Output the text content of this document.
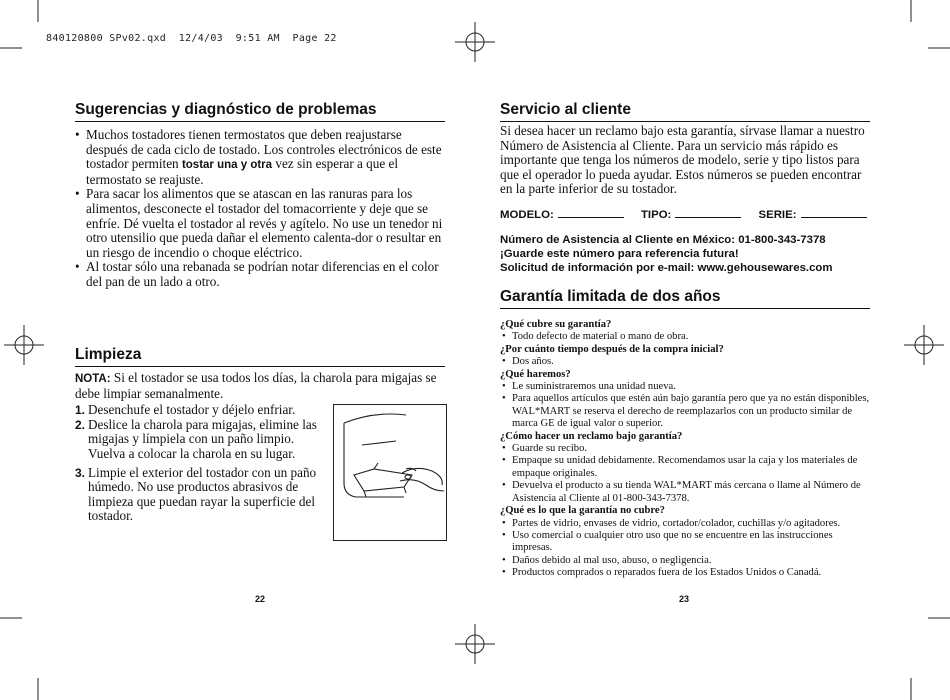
840120800 SPv02.qxd  12/4/03  9:51 AM  Page 22
Sugerencias y diagnóstico de problemas
• Muchos tostadores tienen termostatos que deben reajustarse después de cada ciclo de tostado. Los controles electrónicos de este tostador permiten tostar una y otra vez sin esperar a que el termostato se reajuste.
• Para sacar los alimentos que se atascan en las ranuras para los alimentos, desconecte el tostador del tomacorriente y deje que se enfríe. Dé vuelta el tostador al revés y agítelo. No use un tenedor ni otro utensilio que pueda dañar el elemento calenta-dor o resultar en un riesgo de incendio o choque eléctrico.
• Al tostar sólo una rebanada se podrían notar diferencias en el color del pan de un lado a otro.
Limpieza
NOTA: Si el tostador se usa todos los días, la charola para migajas se debe limpiar semanalmente.
1. Desenchufe el tostador y déjelo enfriar.
2. Deslice la charola para migajas, elimine las migajas y límpiela con un paño limpio. Vuelva a colocar la charola en su lugar.
3. Limpie el exterior del tostador con un paño húmedo. No use productos abrasivos de limpieza que puedan rayar la superficie del tostador.
22
Servicio al cliente
Si desea hacer un reclamo bajo esta garantía, sírvase llamar a nuestro Número de Asistencia al Cliente. Para un servicio más rápido es importante que tenga los números de modelo, serie y tipo listos para que el operador lo pueda ayudar. Estos números se pueden encontrar en la parte inferior de su tostador.
MODELO:	TIPO:	SERIE:
Número de Asistencia al Cliente en México: 01-800-343-7378
¡Guarde este número para referencia futura!
Solicitud de información por e-mail: www.gehousewares.com
Garantía limitada de dos años
¿Qué cubre su garantía?
• Todo defecto de material o mano de obra.
¿Por cuánto tiempo después de la compra inicial?
• Dos años.
¿Qué haremos?
• Le suministraremos una unidad nueva.
• Para aquellos artículos que estén aún bajo garantía pero que ya no están disponibles, WAL*MART se reserva el derecho de reemplazarlos con un producto similar de marca GE de igual valor o superior.
¿Cómo hacer un reclamo bajo garantía?
• Guarde su recibo.
• Empaque su unidad debidamente. Recomendamos usar la caja y los materiales de empaque originales.
• Devuelva el producto a su tienda WAL*MART más cercana o llame al Número de Asistencia al Cliente al 01-800-343-7378.
¿Qué es lo que la garantía no cubre?
• Partes de vidrio, envases de vidrio, cortador/colador, cuchillas y/o agitadores.
• Uso comercial o cualquier otro uso que no se encuentre en las instrucciones impresas.
• Daños debido al mal uso, abuso, o negligencia.
• Productos comprados o reparados fuera de los Estados Unidos o Canadá.
23
